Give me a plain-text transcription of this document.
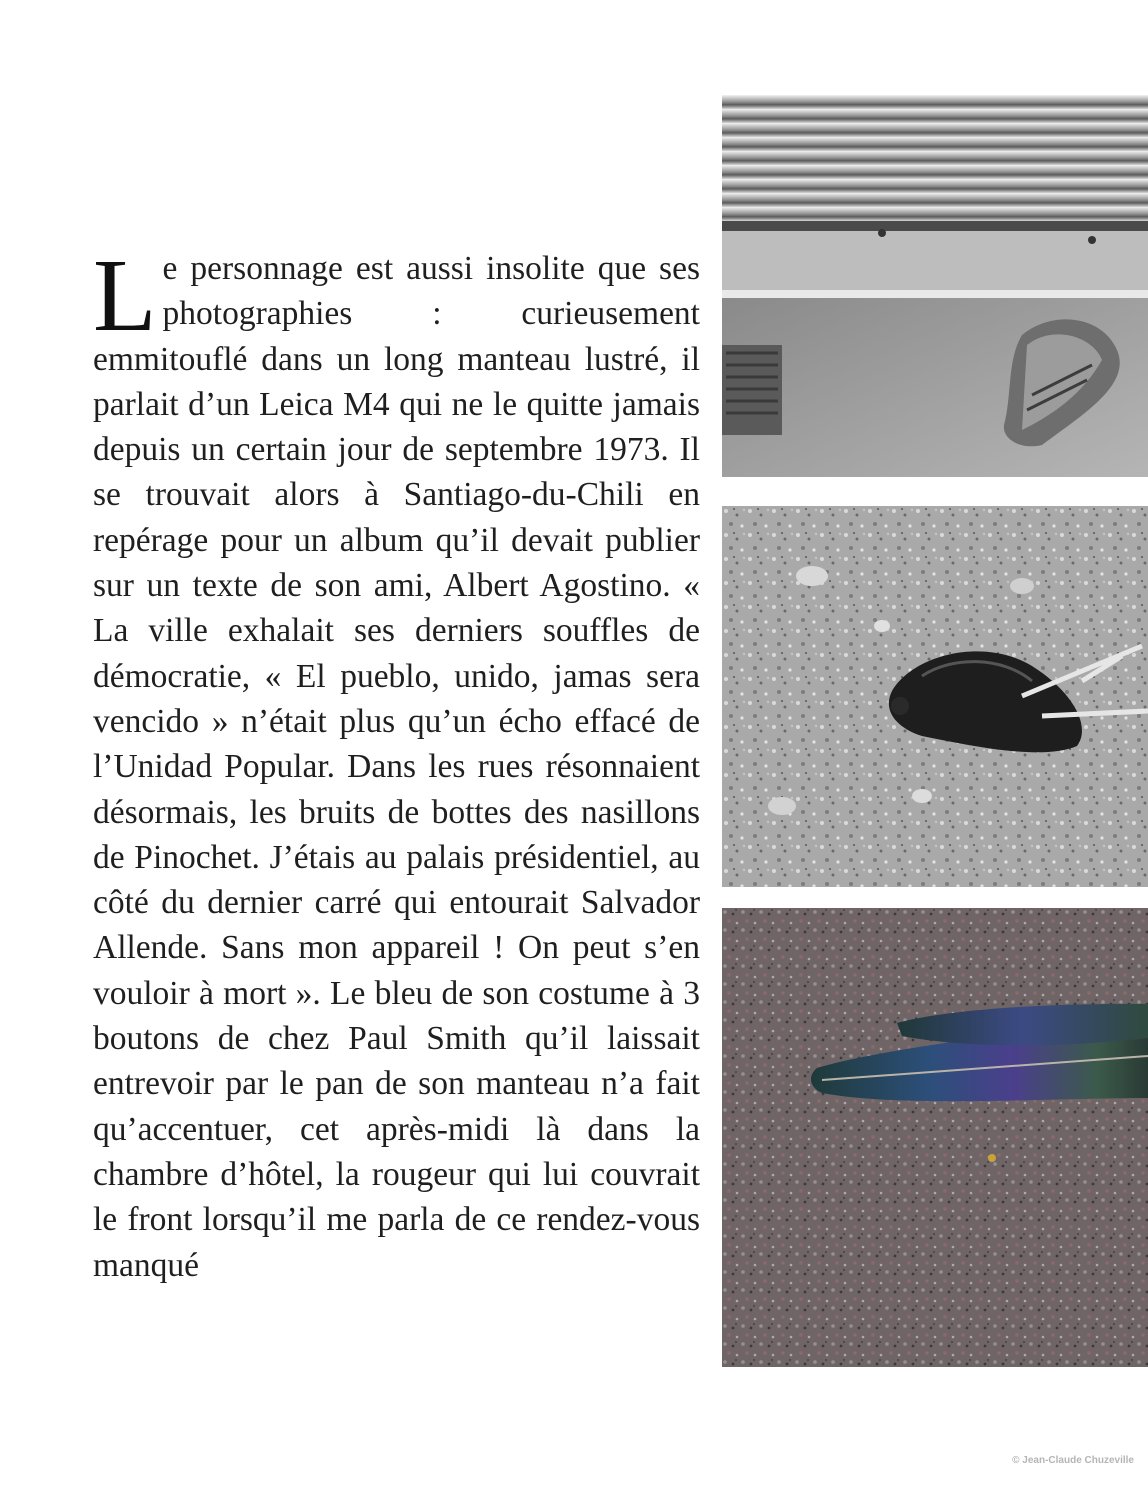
Le personnage est aussi insolite que ses photographies : curieusement emmitouflé dans un long manteau lustré, il parlait d’un Leica M4 qui ne le quitte jamais depuis un certain jour de septembre 1973. Il se trouvait alors à Santiago-du-Chili en repérage pour un album qu’il devait publier sur un texte de son ami, Albert Agostino. « La ville exhalait ses derniers souffles de démocratie, « El pueblo, unido, jamas sera vencido » n’était plus qu’un écho effacé de l’Unidad Popular. Dans les rues résonnaient désormais, les bruits de bottes des nasillons de Pinochet. J’étais au palais présidentiel, au côté du dernier carré qui entourait Salvador Allende. Sans mon appareil ! On peut s’en vouloir à mort ». Le bleu de son costume à 3 boutons de chez Paul Smith qu’il laissait entrevoir par le pan de son manteau n’a fait qu’accentuer, cet après-midi là dans la chambre d’hôtel, la rougeur qui lui couvrait le front lorsqu’il me parla de ce rendez-vous manqué
© Jean-Claude Chuzeville
